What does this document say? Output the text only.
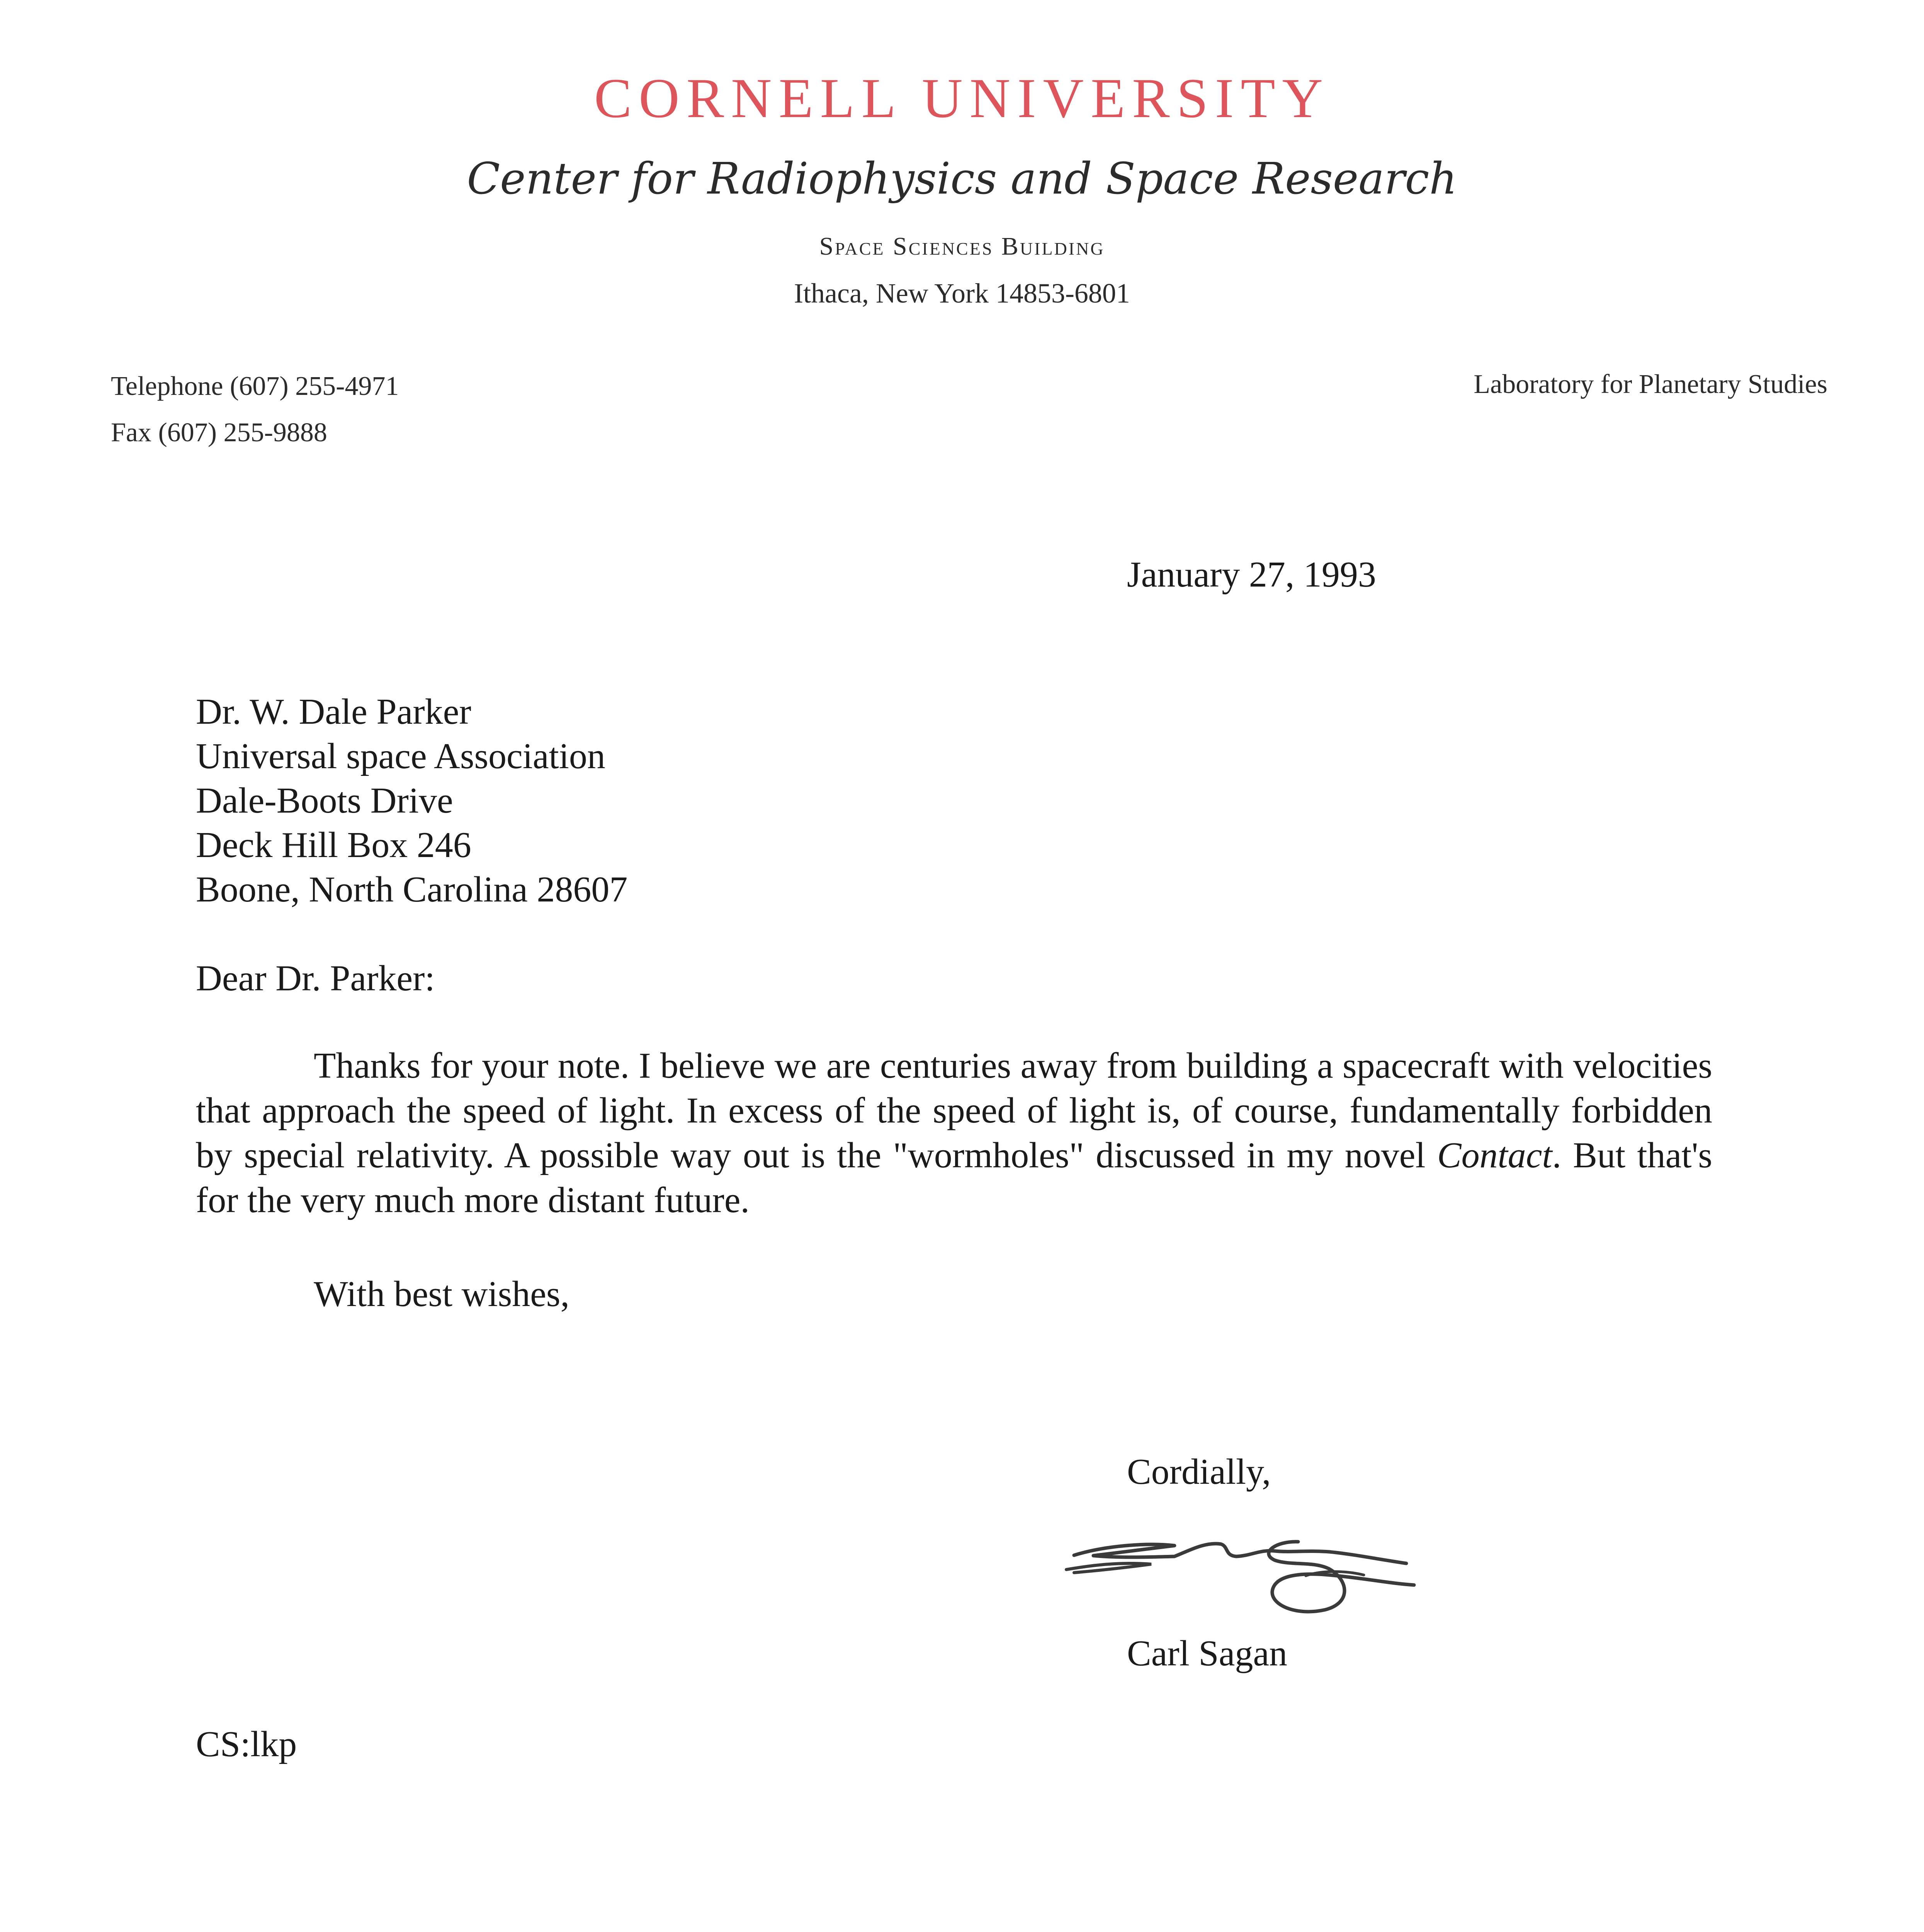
CORNELL UNIVERSITY
Center for Radiophysics and Space Research
Space Sciences Building
Ithaca, New York 14853-6801
Telephone (607) 255-4971
Fax (607) 255-9888
Laboratory for Planetary Studies
January 27, 1993
Dr. W. Dale Parker
Universal space Association
Dale-Boots Drive
Deck Hill Box 246
Boone, North Carolina 28607
Dear Dr. Parker:

Thanks for your note. I believe we are centuries away from building a spacecraft with velocities that approach the speed of light. In excess of the speed of light is, of course, fundamentally forbidden by special relativity. A possible way out is the "wormholes" discussed in my novel Contact. But that's for the very much more distant future.

With best wishes,
Cordially,
Carl Sagan
CS:lkp
